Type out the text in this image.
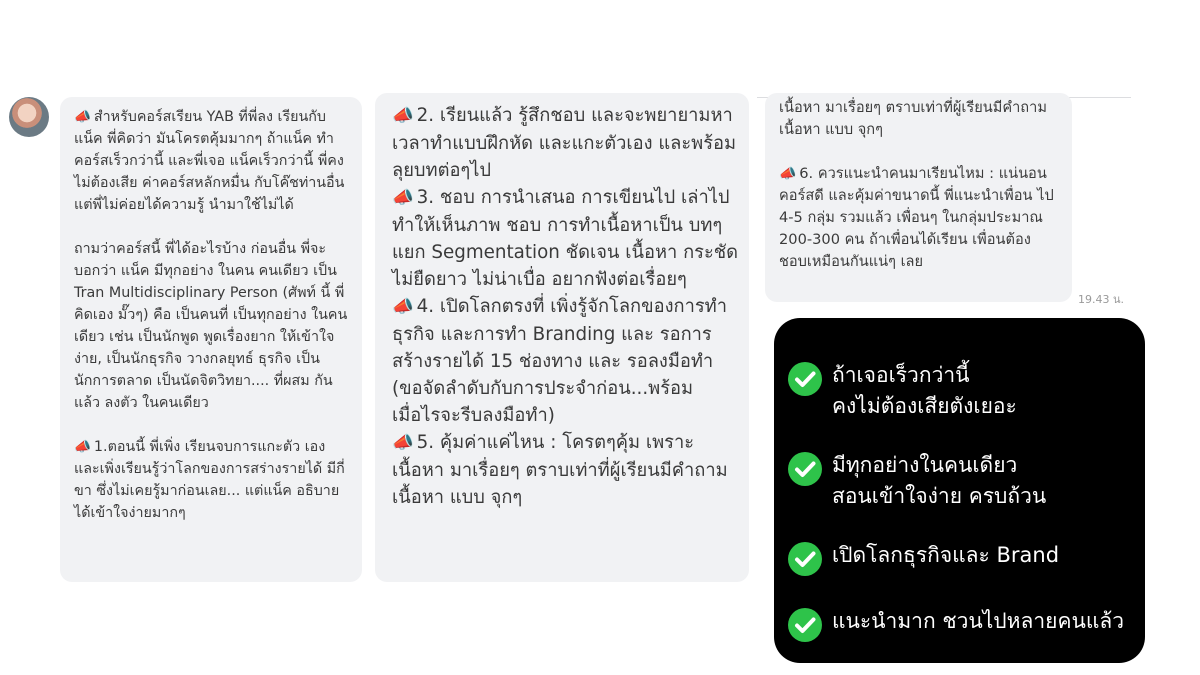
📣 สำหรับคอร์สเรียน YAB ที่พี่ลง เรียนกับแน็ค พี่คิดว่า มันโครตคุ้มมากๆ ถ้าแน็ค ทำคอร์สเร็วกว่านี้ และพี่เจอ แน็คเร็วกว่านี้ พี่คงไม่ต้องเสีย ค่าคอร์สหลักหมื่น กับโค๊ชท่านอื่น แต่พี่ไม่ค่อยได้ความรู้ นำมาใช้ไม่ได้

ถามว่าคอร์สนี้ พี่ได้อะไรบ้าง ก่อนอื่น พี่จะบอกว่า แน็ค มีทุกอย่าง ในคน คนเดียว เป็น Tran Multidisciplinary Person (ศัพท์ นี้ พี่คิดเอง มั๊วๆ) คือ เป็นคนที่ เป็นทุกอย่าง ในคนเดียว เช่น เป็นนักพูด พูดเรื่องยาก ให้เข้าใจง่าย, เป็นนักธุรกิจ วางกลยุทธ์ ธุรกิจ เป็น นักการตลาด เป็นนัดจิตวิทยา.... ที่ผสม กันแล้ว ลงตัว ในคนเดียว

📣 1.ตอนนี้ พี่เพิ่ง เรียนจบการแกะตัว เอง และเพิ่งเรียนรู้ว่าโลกของการสร่างรายได้ มีกี่ ขา ซึ่งไม่เคยรู้มาก่อนเลย... แต่แน็ค อธิบายได้เข้าใจง่ายมากๆ

📣 2. เรียนแล้ว รู้สึกชอบ และจะพยายามหาเวลาทำแบบฝึกหัด และแกะตัวเอง และพร้อมลุยบทต่อๆไป

📣 3. ชอบ การนำเสนอ การเขียนไป เล่าไป ทำให้เห็นภาพ ชอบ การทำเนื้อหาเป็น บทๆ แยก Segmentation ชัดเจน เนื้อหา กระชัด ไม่ยืดยาว ไม่น่าเบื่อ อยากฟังต่อเรื่อยๆ

📣 4. เปิดโลกตรงที่ เพิ่งรู้จักโลกของการทำธุรกิจ และการทำ Branding และ รอการสร้างรายได้ 15 ช่องทาง และ รอลงมือทำ (ขอจัดลำดับกับการประจำก่อน...พร้อมเมื่อไรจะรีบลงมือทำ)

📣 5. คุ้มค่าแค่ไหน : โครตๆคุ้ม เพราะเนื้อหา มาเรื่อยๆ ตราบเท่าที่ผู้เรียนมีคำถาม เนื้อหา แบบ จุกๆ

เนื้อหา มาเรื่อยๆ ตราบเท่าที่ผู้เรียนมีคำถาม เนื้อหา แบบ จุกๆ

📣 6. ควรแนะนำคนมาเรียนไหม : แน่นอน คอร์สดี และคุ้มค่าขนาดนี้ พี่แนะนำเพื่อน ไป 4-5 กลุ่ม รวมแล้ว เพื่อนๆ ในกลุ่มประมาณ 200-300 คน ถ้าเพื่อนได้เรียน เพื่อนต้อง ชอบเหมือนกันแน่ๆ เลย

19.43 น.
ถ้าเจอเร็วกว่านี้
คงไม่ต้องเสียตังเยอะ
มีทุกอย่างในคนเดียว
สอนเข้าใจง่าย ครบถ้วน
เปิดโลกธุรกิจและ Brand
แนะนำมาก ชวนไปหลายคนแล้ว
